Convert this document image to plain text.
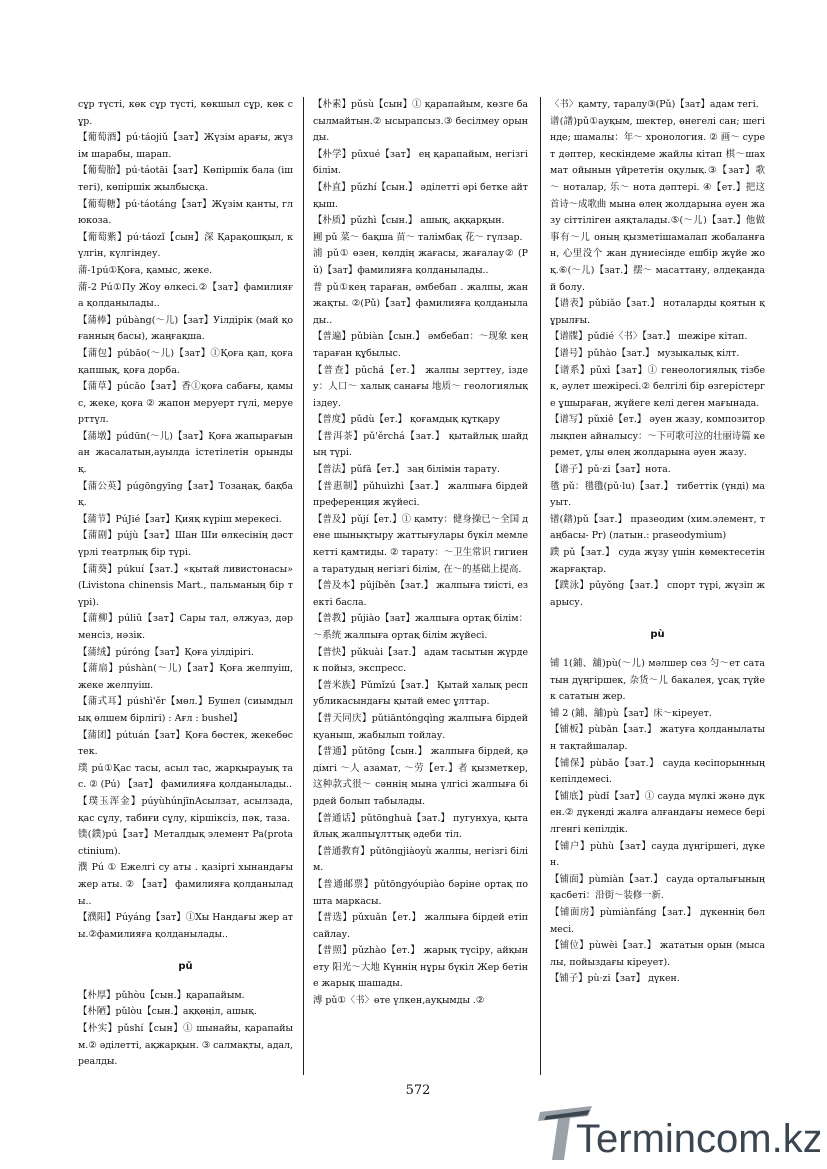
сұр түсті, көк сұр түсті, көкшыл сұр, көк сұр.

【葡萄酒】pú·táojiǔ【зат】Жүзім арағы, жүзім шарабы, шарап.

【葡萄胎】pú·táotāi【зат】Көпіршік бала (іштегі), көпіршік жылбысқа.

【葡萄糖】pú·táotáng【зат】Жүзім қанты, глюкоза.

【葡萄紫】pú·táozǐ【сын】深 Қарақошқыл, күлгін, күлгіндеу.

蒲-1pú①Қоға, қамыс, жеке.

蒲-2 Pú①Пу Жоу өлкесі.②【зат】фамилияға қолданылады..

【蒲棒】púbàng(～儿)【зат】Уілдірік (май қоғанның басы), жаңғақша.

【蒲包】púbāo(～儿)【зат】①Қоға қап, қоға қапшық, қоға дорба.

【蒲草】púcǎo【зат】香①қоға сабағы, қамыс, жеке, қоға ② жапон меруерт гүлі, меруерттүл.

【蒲墩】púdūn(～儿)【зат】Қоға жапырағынан жасалатын,ауылда істетілетін орындық.

【蒲公英】púgōngyīng【зат】Тозаңақ, бақбақ.

【蒲节】PúJié【зат】Қияқ күріш мерекесі.

【蒲剧】pújù【зат】Шан Ши өлкесінің дәстүрлі театрлық бір түрі.

【蒲葵】púkuí【зат.】«қытай ливистонасы» (Livistona chinensis Mart., пальманың бір түрі).

【蒲柳】púliǔ【зат】Сары тал, әлжуаз, дәрменсіз, нәзік.

【蒲绒】púróng【зат】Қоға уілдірігі.

【蒲扇】púshàn(～儿)【зат】Қоға желпуіш, жеке желпуіш.

【蒲式耳】púshì'ěr【мөл.】Бушел (сиымдылық өлшем бірлігі) : Ағл : bushel】

【蒲团】pútuán【зат】Қоға бөстек, жекебөстек.

璞 pú①Қас тасы, асыл тас, жарқырауық тас. ② (Pú) 【зат】 фамилияға қолданылады..

【璞玉浑金】púyùhúnjīnАсылзат, асылзада, қас сұлу, табиғи сұлу, кіршіксіз, пәк, таза.

镤(鏷)pú【зат】Металдық элемент Pa(protactinium).

濮 Pú ① Ежелгі су аты . қазіргі хынандағы жер аты. ② 【зат】 фамилияға қолданылады..

【濮阳】Púyáng【зат】①Хы Нандағы жер аты.②фамилияға қолданылады..

pǔ

【朴厚】pǔhòu【сын.】қарапайым.

【朴陋】pǔlòu【сын.】аққөңіл, ашық.

【朴实】pǔshí【сын】① шынайы, қарапайым.② әділетті, ақжарқын. ③ салмақты, адал, реалды.

【朴素】pǔsù【сын】① қарапайым, көзге басылмайтын.② ысырапсыз.③ бесілмеу орынды.

【朴学】pǔxué【зат】 ең қарапайым, негізгі білім.

【朴直】pǔzhí【сын.】 әділетті әрі бетке айтқыш.

【朴质】pǔzhì【сын.】 ашық, аққарқын.

圃 pǔ 菜～ бақша 苗～ талімбақ 花～ гүлзар.

浦 pǔ① өзен, көлдің жағасы, жағалау② (Pǔ)【зат】фамилияға қолданылады..

普 pǔ①кең тараған, әмбебап . жалпы, жан жақты. ②(Pǔ)【зат】фамилияға қолданылады..

【普遍】pǔbiàn【сын.】 әмбебап：～现象 кең тараған құбылыс.

【普查】pǔchá【ет.】 жалпы зерттеу, іздеу：人口～ халық санағы 地质～ геологиялық іздеу.

【普度】pǔdù【ет.】 қоғамдық құтқару

【普洱茶】pǔ'ěrchá【зат.】 қытайлық шайдың түрі.

【普法】pǔfǎ【ет.】 заң білімін тарату.

【普惠制】pǔhuìzhì【зат.】 жалпыға бірдей преференция жүйесі.

【普及】pǔjí【ет.】① қамту：健身操已～全国 дене шынықтыру жаттығулары бүкіл мемлекетті қамтиды. ② тарату：～卫生常识 гигиена таратудың негізгі білім, 在～的基础上提高.

【普及本】pǔjíběn【зат.】 жалпыға тиісті, езекті басла.

【普教】pǔjiào【зат】жалпыға ортақ білім：～系统 жалпыға ортақ білім жүйесі.

【普快】pǔkuài【зат.】 адам тасытын жүрдек пойыз, экспресс.

【普米族】Pǔmǐzú【зат.】 Қытай халық республикасындағы қытай емес ұлттар.

【普天同庆】pǔtiāntóngqìng жалпыға бірдей қуаныш, жабылып тойлау.

【普通】pǔtōng【сын.】 жалпыға бірдей, қәдімгі ～人 азамат, ～劳【ет.】者 қызметкер, 这种款式很～ сәннің мына үлгісі жалпыға бірдей болып табылады.

【普通话】pǔtōnghuà【зат.】 пугунхуа, қытайлық жалпыұлттық әдеби тіл.

【普通教育】pǔtōngjiàoyù жалпы, негізгі білім.

【普通邮票】pǔtōngyóupiào бәріне ортақ пошта маркасы.

【普选】pǔxuǎn【ет.】 жалпыға бірдей етіп сайлау.

【普照】pǔzhào【ет.】 жарық түсіру, айқын ету 阳光～大地 Күннің нұры бүкіл Жер бетіне жарық шашады.

溥 pǔ①〈书〉өте үлкен,ауқымды .②

〈书〉қамту, таралу③(Pǔ)【зат】адам тегі.

谱(譜)pǔ①ауқым, шектер, өнегелі сан; шегінде; шамалы：年～ хронология. ② 画～ сурет дәптер, кескіндеме жайлы кітап 棋～шахмат ойынын үйрететін оқулық.③【зат】歌～ ноталар, 乐～ нота дәптері. ④【ет.】把这首诗～成歌曲 мына өлең жолдарына әуен жазу сіттіліген аяқталады.⑤(～儿)【зат.】他做事有～儿 оның қызметішамалап жобаланған, 心里没个 жан дүниесінде ешбір жүйе жоқ.⑥(～儿)【зат.】摆～ масаттану, әлдеқандай болу.

【谱表】pǔbiǎo【зат.】 ноталарды қоятын құрылғы.

【谱牒】pǔdié〈书〉【зат.】 шежіре кітап.

【谱号】pǔhào【зат.】 музыкалық кілт.

【谱系】pǔxì【зат】① генеологиялық тізбек, әулет шежіресі.② белгілі бір өзгерістерге ұшыраған, жүйеге келі деген мағынада.

【谱写】pǔxiě【ет.】 әуен жазу, композиторлықпен айналысу：～下可歌可泣的壮丽诗篇 керемет, ұлы өлең жолдарына әуен жазу.

【谱子】pǔ·zi【зат】нота.

氆 pǔ：氆氇(pǔ·lu)【зат.】 тибеттік (үнді) мауыт.

镨(鐠)pǔ【зат.】 празеодим (хим.элемент, таңбасы- Pr) (латын.: praseodymium)

蹼 pǔ【зат.】 суда жүзу үшін көмектесетін жарғақтар.

【蹼泳】pǔyǒng【зат.】 спорт түрі, жүзіп жарысу.

pù

铺 1(鋪、舖)pù(～儿) мәлшер сөз 匀～ет сататын дүңгіршек, 杂货～儿 бакалея, ұсақ түйек сататын жер.

铺 2 (鋪、舖)pù【зат】床～кіреует.

【铺板】pùbǎn【зат.】 жатуға қолданылатын тақтайшалар.

【铺保】pùbǎo【зат.】 сауда кәсіпорынның кепілдемесі.

【铺底】pùdǐ【зат】① сауда мүлкі жәнә дүкен.② дүкенді жалға алғандағы немесе берілгенгі кепілдік.

【铺户】pùhù【зат】сауда дүңгіршегі, дүкен.

【铺面】pùmiàn【зат.】 сауда орталығының қасбеті：沿街～装修一新.

【铺面房】pùmiànfáng【зат.】 дүкеннің бөлмесі.

【铺位】pùwèi【зат.】 жататын орын (мысалы, пойыздағы кіреует).

【铺子】pù·zi【зат】 дүкен.

572
Termincom.kz
